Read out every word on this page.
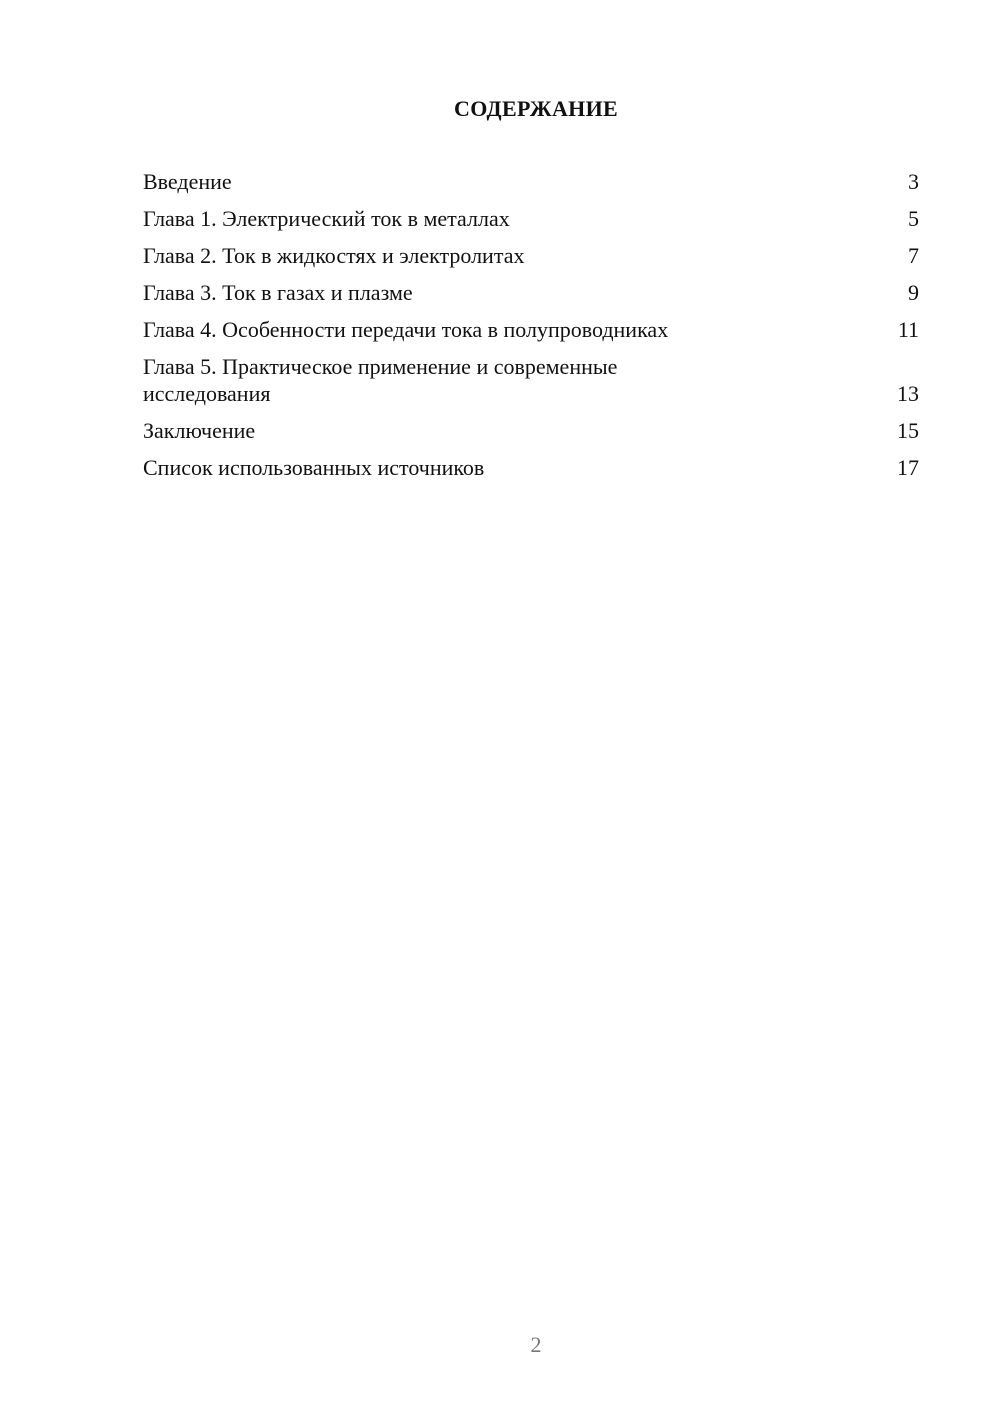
СОДЕРЖАНИЕ
Введение	3
Глава 1. Электрический ток в металлах	5
Глава 2. Ток в жидкостях и электролитах	7
Глава 3. Ток в газах и плазме	9
Глава 4. Особенности передачи тока в полупроводниках	11
Глава 5. Практическое применение и современные исследования	13
Заключение	15
Список использованных источников	17
2
